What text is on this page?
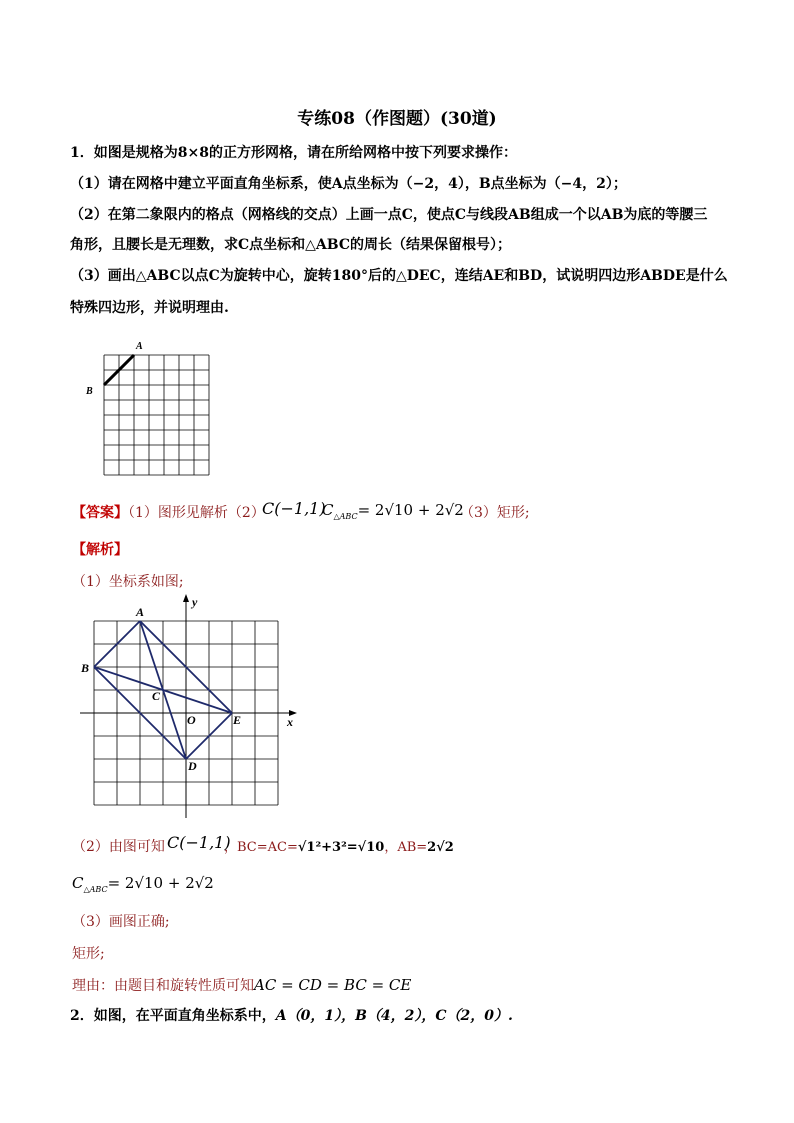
专练08（作图题）(30道)
1．如图是规格为8×8的正方形网格，请在所给网格中按下列要求操作：
（1）请在网格中建立平面直角坐标系，使A点坐标为（−2，4），B点坐标为（−4，2）；
（2）在第二象限内的格点（网格线的交点）上画一点C，使点C与线段AB组成一个以AB为底的等腰三
角形，且腰长是无理数，求C点坐标和△ABC的周长（结果保留根号）；
（3）画出△ABC以点C为旋转中心，旋转180°后的△DEC，连结AE和BD，试说明四边形ABDE是什么
特殊四边形，并说明理由.
A
B
【答案】（1）图形见解析（2）
C(−1,1)
$C_{\triangle ABC}= 2√10 + 2√2$
（3）矩形;
【解析】
（1）坐标系如图;
A
B
C
E
O
D
x
y
（2）由图可知 C(−1,1)
，BC=AC=√1²+3²=√10，AB=2√2
$C_{\triangle ABC}= 2√10 + 2√2$
（3）画图正确;
矩形;
理由：由题目和旋转性质可知AC = CD = BC = CE
2．如图，在平面直角坐标系中，A（0，1），B（4，2），C（2，0）.
